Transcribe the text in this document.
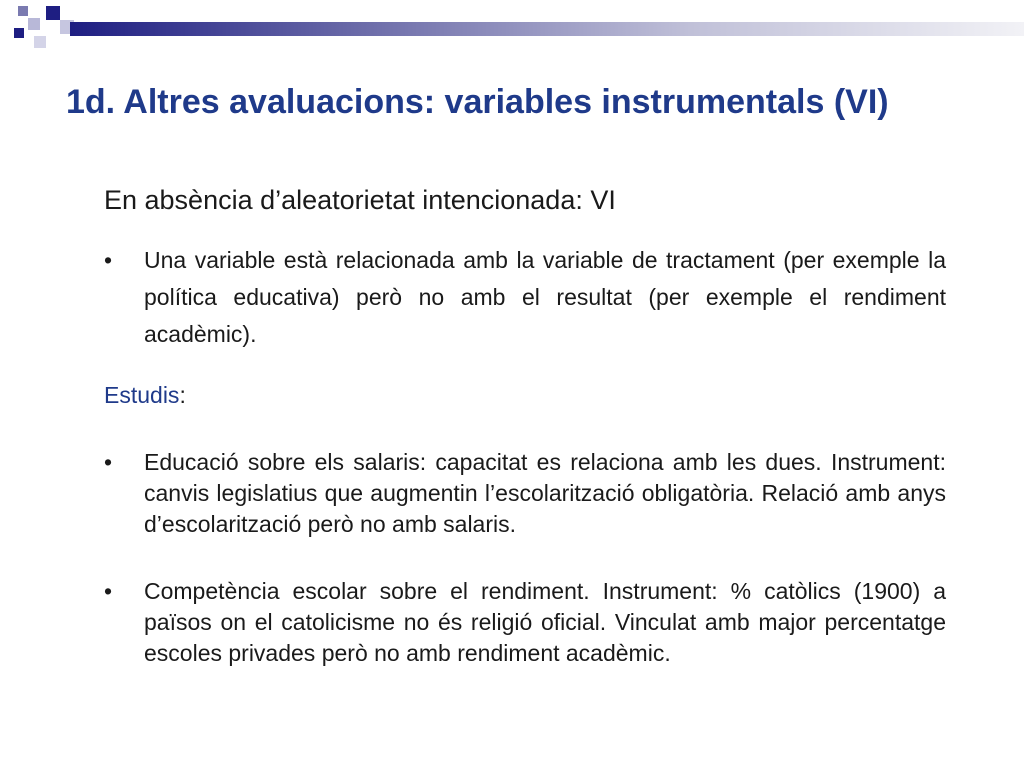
1d. Altres avaluacions: variables instrumentals (VI)

En absència d’aleatorietat intencionada: VI

•	Una variable està relacionada amb la variable de tractament (per exemple la política educativa) però no amb el resultat (per exemple el rendiment acadèmic).
Estudis:
•	Educació sobre els salaris: capacitat es relaciona amb les dues. Instrument: canvis legislatius que augmentin l’escolarització obligatòria. Relació amb anys d’escolarització però no amb salaris.
•	Competència escolar sobre el rendiment. Instrument: % catòlics (1900) a països on el catolicisme no és religió oficial. Vinculat amb major percentatge escoles privades però no amb rendiment acadèmic.
